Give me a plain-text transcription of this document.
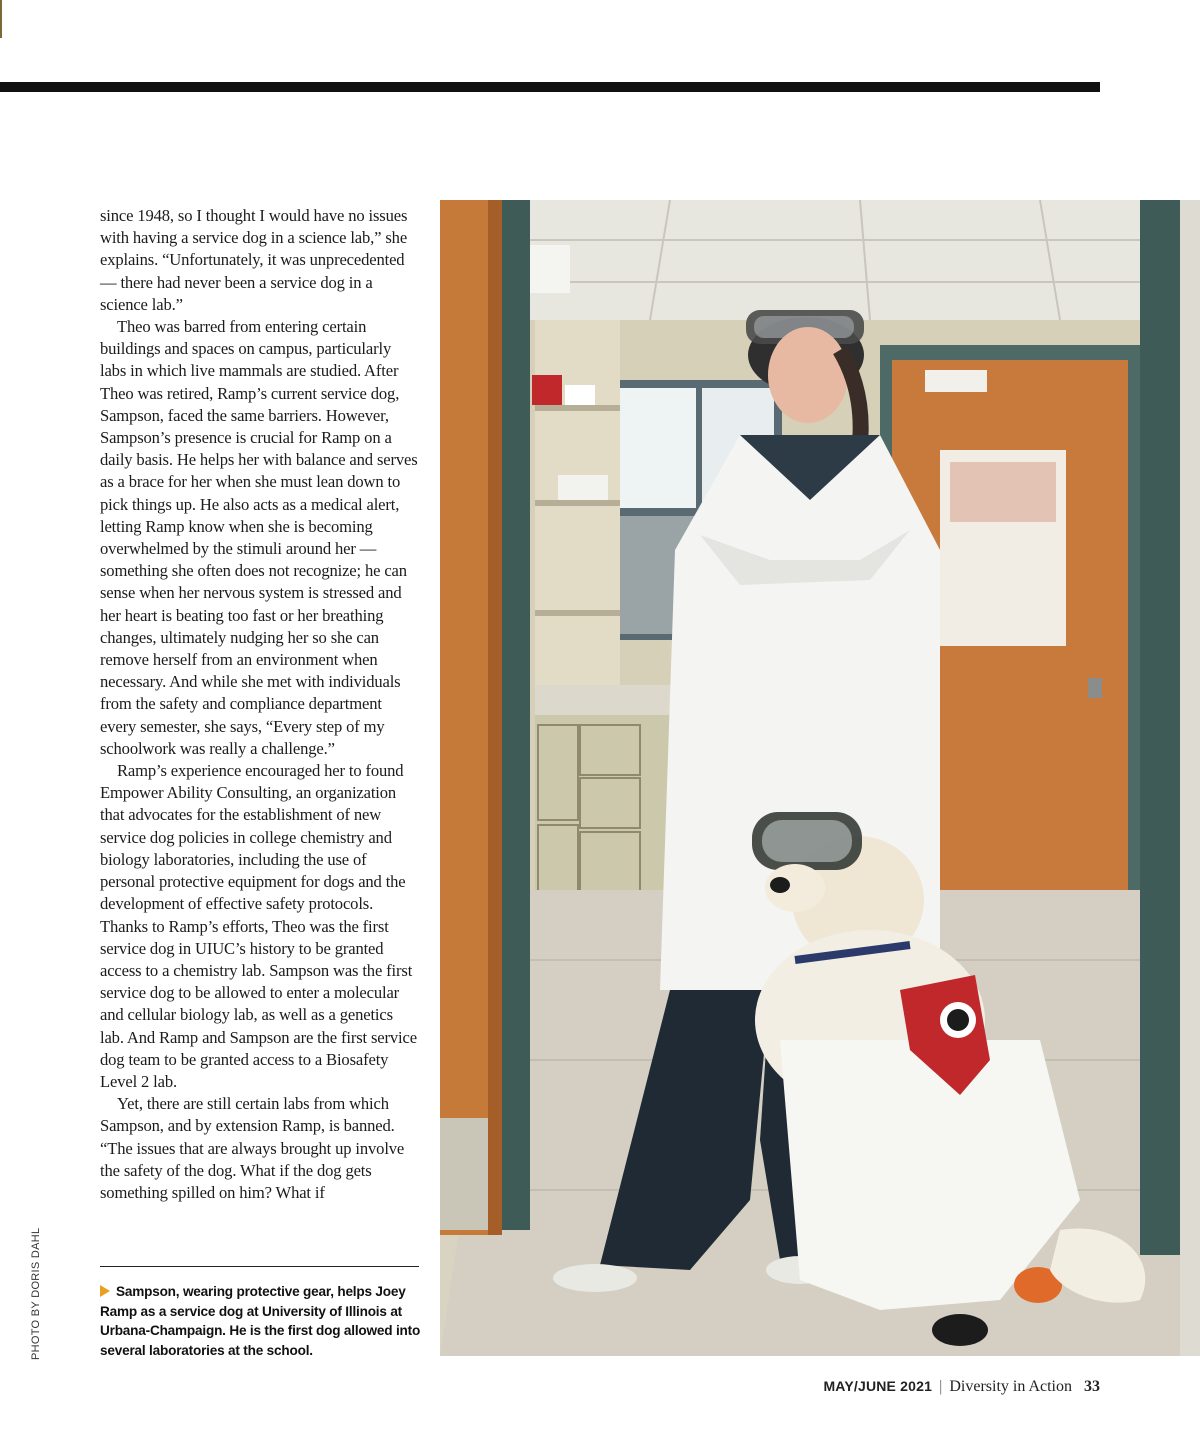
since 1948, so I thought I would have no issues with having a service dog in a science lab,” she explains. “Unfortunately, it was unprecedented — there had never been a service dog in a science lab.”

Theo was barred from entering certain buildings and spaces on campus, particularly labs in which live mammals are studied. After Theo was retired, Ramp’s current service dog, Sampson, faced the same barriers. However, Sampson’s presence is crucial for Ramp on a daily basis. He helps her with balance and serves as a brace for her when she must lean down to pick things up. He also acts as a medical alert, letting Ramp know when she is becoming overwhelmed by the stimuli around her — something she often does not recognize; he can sense when her nervous system is stressed and her heart is beating too fast or her breathing changes, ultimately nudging her so she can remove herself from an environment when necessary. And while she met with individuals from the safety and compliance department every semester, she says, “Every step of my schoolwork was really a challenge.”

Ramp’s experience encouraged her to found Empower Ability Consulting, an organization that advocates for the establishment of new service dog policies in college chemistry and biology laboratories, including the use of personal protective equipment for dogs and the development of effective safety protocols. Thanks to Ramp’s efforts, Theo was the first service dog in UIUC’s history to be granted access to a chemistry lab. Sampson was the first service dog to be allowed to enter a molecular and cellular biology lab, as well as a genetics lab. And Ramp and Sampson are the first service dog team to be granted access to a Biosafety Level 2 lab.

Yet, there are still certain labs from which Sampson, and by extension Ramp, is banned. “The issues that are always brought up involve the safety of the dog. What if the dog gets something spilled on him? What if

Sampson, wearing protective gear, helps Joey Ramp as a service dog at University of Illinois at Urbana-Champaign. He is the first dog allowed into several laboratories at the school.
PHOTO BY DORIS DAHL
MAY/JUNE 2021 | Diversity in Action 33
